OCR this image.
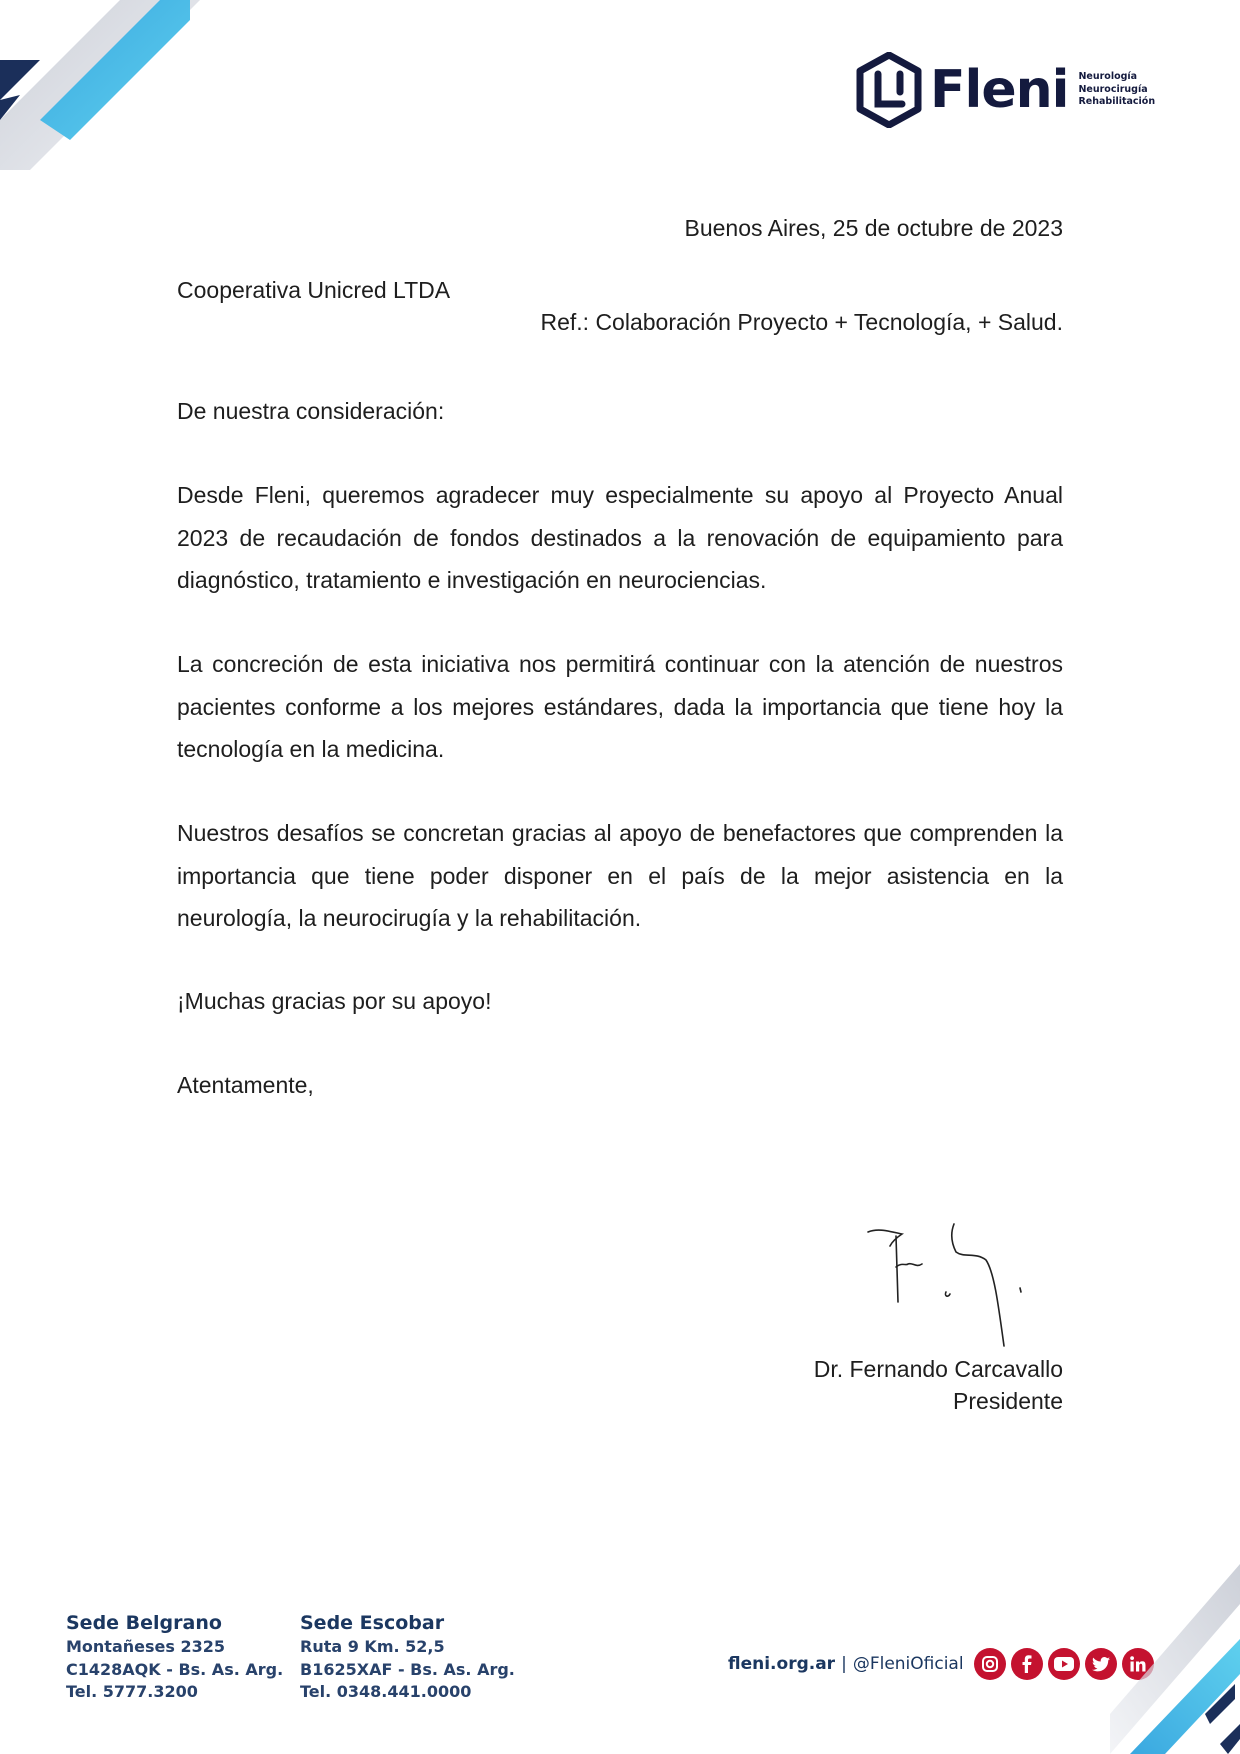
Fleni Neurología
Neurocirugía
Rehabilitación
Buenos Aires, 25 de octubre de 2023
Cooperativa Unicred LTDA
Ref.: Colaboración Proyecto + Tecnología, + Salud.
De nuestra consideración:

Desde Fleni, queremos agradecer muy especialmente su apoyo al Proyecto Anual 2023 de recaudación de fondos destinados a la renovación de equipamiento para diagnóstico, tratamiento e investigación en neurociencias.

La concreción de esta iniciativa nos permitirá continuar con la atención de nuestros pacientes conforme a los mejores estándares, dada la importancia que tiene hoy la tecnología en la medicina.

Nuestros desafíos se concretan gracias al apoyo de benefactores que comprenden la importancia que tiene poder disponer en el país de la mejor asistencia en la neurología, la neurocirugía y la rehabilitación.

¡Muchas gracias por su apoyo!
Atentamente,
Dr. Fernando Carcavallo
Presidente
Sede Belgrano
Montañeses 2325
C1428AQK - Bs. As. Arg.
Tel. 5777.3200
Sede Escobar
Ruta 9 Km. 52,5
B1625XAF - Bs. As. Arg.
Tel. 0348.441.0000
fleni.org.ar | @FleniOficial
